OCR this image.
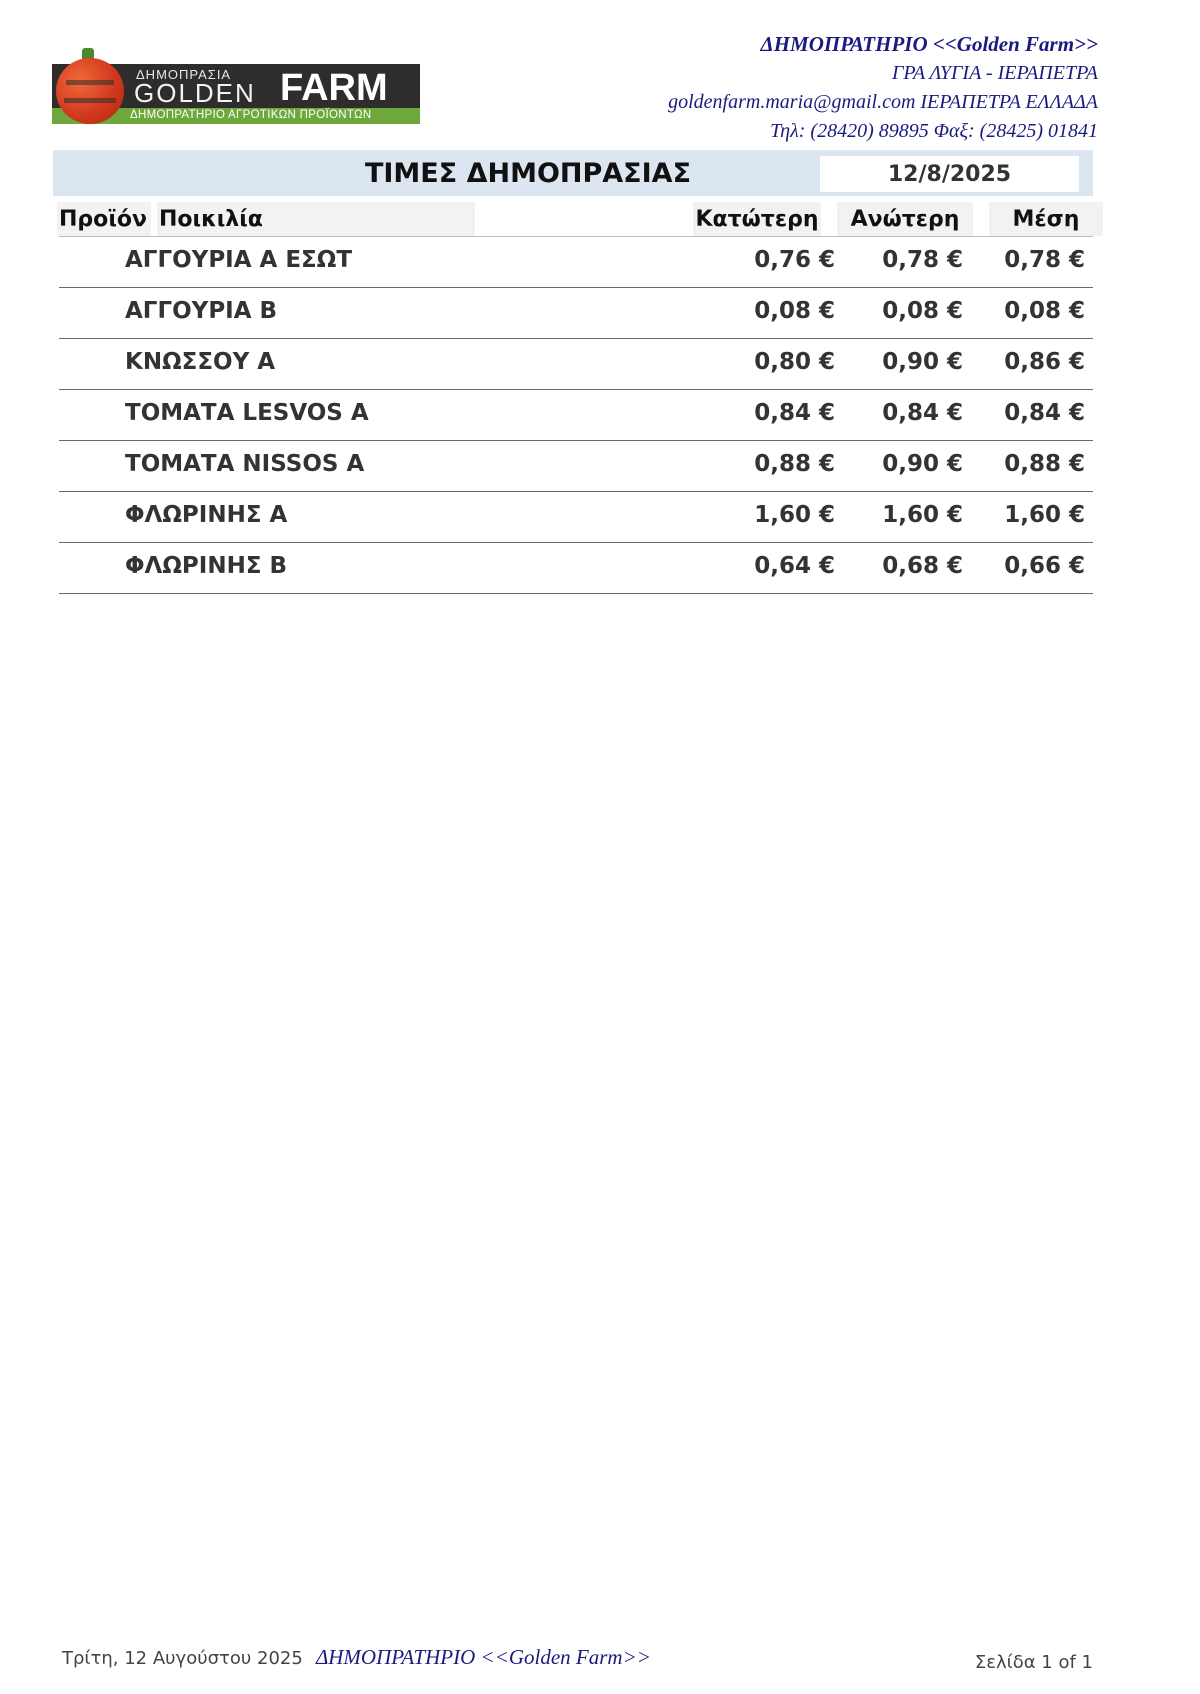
ΔΗΜΟΠΡΑΣΙΑ
GOLDEN FARM
ΔΗΜΟΠΡΑΤΗΡΙΟ ΑΓΡΟΤΙΚΩΝ ΠΡΟΪΟΝΤΩΝ
ΔΗΜΟΠΡΑΤΗΡΙΟ <<Golden Farm>>
ΓΡΑ ΛΥΓΙΑ - ΙΕΡΑΠΕΤΡΑ
goldenfarm.maria@gmail.com ΙΕΡΑΠΕΤΡΑ ΕΛΛΑΔΑ
Τηλ: (28420) 89895 Φαξ: (28425) 01841
ΤΙΜΕΣ ΔΗΜΟΠΡΑΣΙΑΣ	12/8/2025
Προϊόν Ποικιλία	Κατώτερη	Ανώτερη	Μέση
ΑΓΓΟΥΡΙΑ Α ΕΣΩΤ	0,76 € 0,78 € 0,78 €
ΑΓΓΟΥΡΙΑ Β	0,08 € 0,08 € 0,08 €
ΚΝΩΣΣΟΥ Α	0,80 € 0,90 € 0,86 €
ΤΟΜΑΤΑ LESVOS Α	0,84 € 0,84 € 0,84 €
ΤΟΜΑΤΑ NISSOS Α	0,88 € 0,90 € 0,88 €
ΦΛΩΡΙΝΗΣ Α	1,60 € 1,60 € 1,60 €
ΦΛΩΡΙΝΗΣ Β	0,64 € 0,68 € 0,66 €
Τρίτη, 12 Αυγούστου 2025 ΔΗΜΟΠΡΑΤΗΡΙΟ <<Golden Farm>>	Σελίδα 1 of 1
